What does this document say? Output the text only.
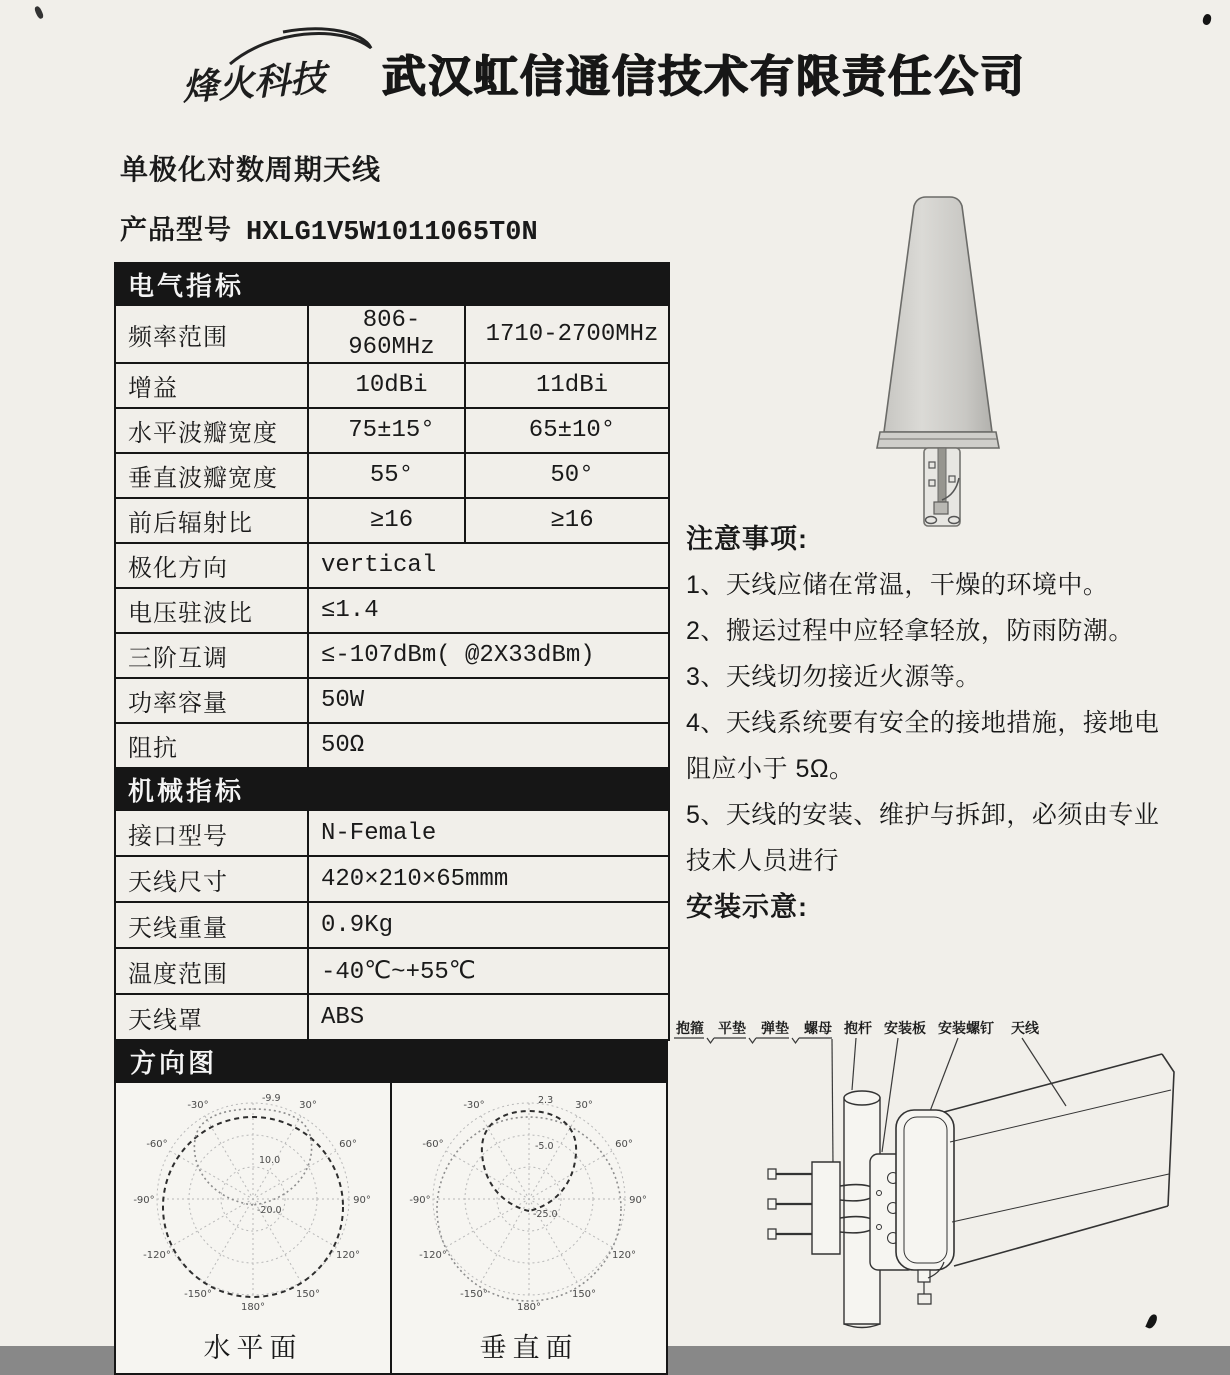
烽火科技 武汉虹信通信技术有限责任公司
单极化对数周期天线
产品型号 HXLG1V5W1011065T0N
电气指标		
频率范围	806-960MHz	1710-2700MHz
增益	10dBi	11dBi
水平波瓣宽度	75±15°	65±10°
垂直波瓣宽度	55°	50°
前后辐射比	≥16	≥16
极化方向	vertical	
电压驻波比	≤1.4	
三阶互调	≤-107dBm( @2X33dBm)	
功率容量	50W	
阻抗	50Ω	
机械指标		
接口型号	N-Female	
天线尺寸	420×210×65mmm	
天线重量	0.9Kg	
温度范围	-40℃~+55℃	
天线罩	ABS	
方向图
30°
60°
90°
120°
150°
-30°
-60°
-90°
-120°
-150°
180°
-9.9
10.0
-20.0
水平面
30°
60°
90°
120°
150°
-30°
-60°
-90°
-120°
-150°
180°
2.3
-5.0
-25.0
垂直面
注意事项:
1、天线应储在常温，干燥的环境中。
2、搬运过程中应轻拿轻放，防雨防潮。
3、天线切勿接近火源等。
4、天线系统要有安全的接地措施，接地电阻应小于 5Ω。
5、天线的安装、维护与拆卸，必须由专业技术人员进行
安装示意:
抱箍 平垫 弹垫 螺母 抱杆 安装板 安装螺钉 天线
